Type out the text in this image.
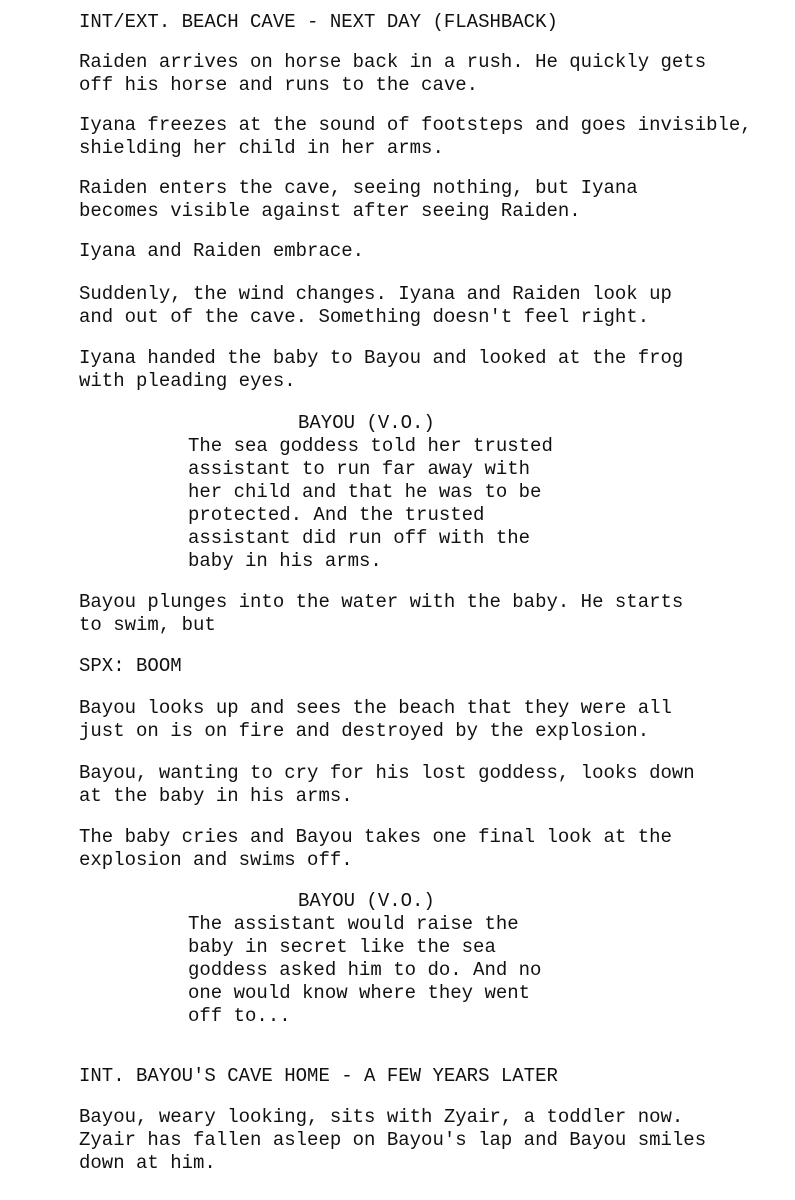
INT/EXT. BEACH CAVE - NEXT DAY (FLASHBACK)
Raiden arrives on horse back in a rush. He quickly gets
off his horse and runs to the cave.
Iyana freezes at the sound of footsteps and goes invisible,
shielding her child in her arms.
Raiden enters the cave, seeing nothing, but Iyana
becomes visible against after seeing Raiden.
Iyana and Raiden embrace.
Suddenly, the wind changes. Iyana and Raiden look up
and out of the cave. Something doesn't feel right.
Iyana handed the baby to Bayou and looked at the frog
with pleading eyes.
BAYOU (V.O.)
The sea goddess told her trusted
assistant to run far away with
her child and that he was to be
protected. And the trusted
assistant did run off with the
baby in his arms.
Bayou plunges into the water with the baby. He starts
to swim, but
SPX: BOOM
Bayou looks up and sees the beach that they were all
just on is on fire and destroyed by the explosion.
Bayou, wanting to cry for his lost goddess, looks down
at the baby in his arms.
The baby cries and Bayou takes one final look at the
explosion and swims off.
BAYOU (V.O.)
The assistant would raise the
baby in secret like the sea
goddess asked him to do. And no
one would know where they went
off to...
INT. BAYOU'S CAVE HOME - A FEW YEARS LATER
Bayou, weary looking, sits with Zyair, a toddler now.
Zyair has fallen asleep on Bayou's lap and Bayou smiles
down at him.
